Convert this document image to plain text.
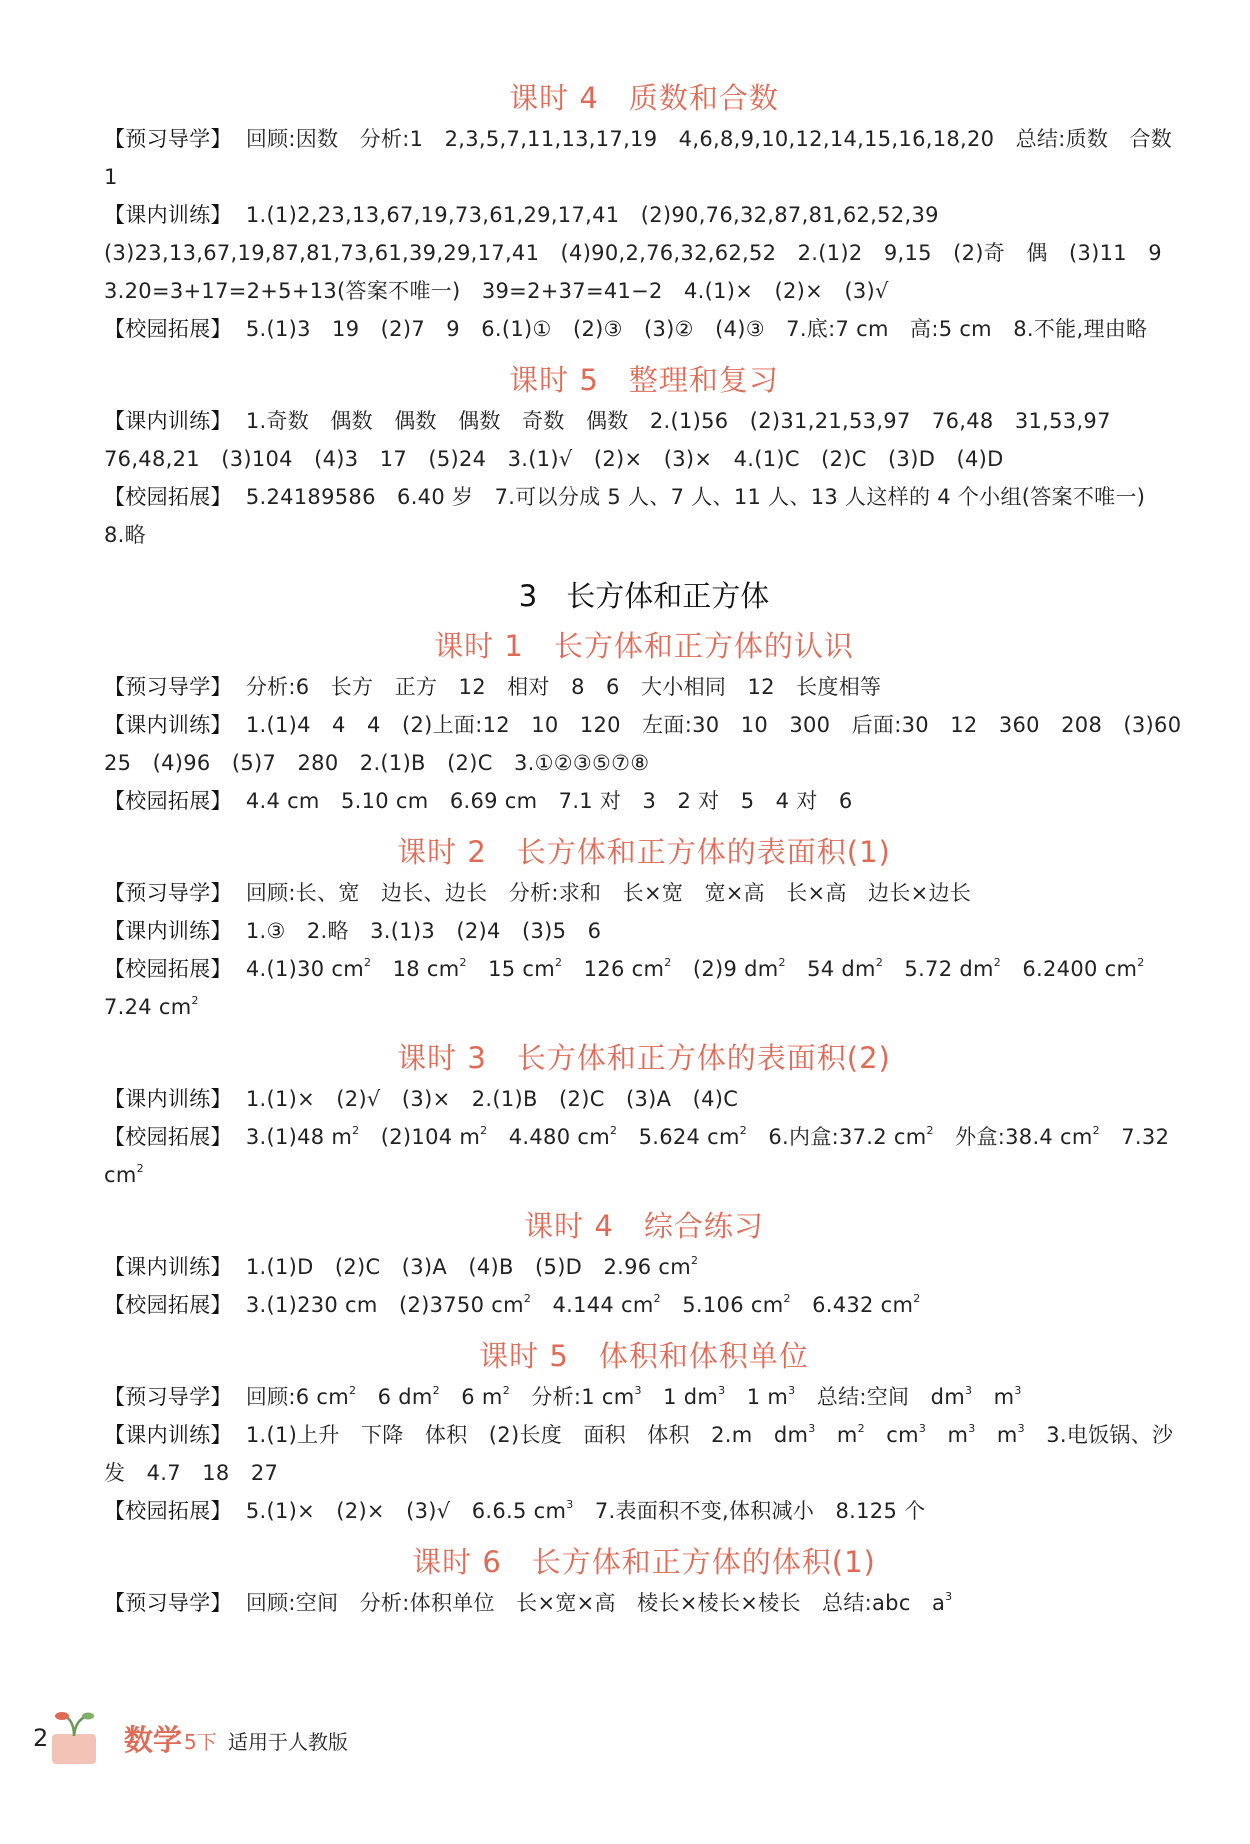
课时 4　质数和合数
【预习导学】 回顾:因数　分析:1　2,3,5,7,11,13,17,19　4,6,8,9,10,12,14,15,16,18,20　总结:质数　合数　1
【课内训练】 1.(1)2,23,13,67,19,73,61,29,17,41　(2)90,76,32,87,81,62,52,39　(3)23,13,67,19,87,81,73,61,39,29,17,41　(4)90,2,76,32,62,52　2.(1)2　9,15　(2)奇　偶　(3)11　9　3.20=3+17=2+5+13(答案不唯一)　39=2+37=41−2　4.(1)×　(2)×　(3)√
【校园拓展】 5.(1)3　19　(2)7　9　6.(1)①　(2)③　(3)②　(4)③　7.底:7 cm　高:5 cm　8.不能,理由略
课时 5　整理和复习
【课内训练】 1.奇数　偶数　偶数　偶数　奇数　偶数　2.(1)56　(2)31,21,53,97　76,48　31,53,97　76,48,21　(3)104　(4)3　17　(5)24　3.(1)√　(2)×　(3)×　4.(1)C　(2)C　(3)D　(4)D
【校园拓展】 5.24189586　6.40 岁　7.可以分成 5 人、7 人、11 人、13 人这样的 4 个小组(答案不唯一)　8.略
3　长方体和正方体
课时 1　长方体和正方体的认识
【预习导学】 分析:6　长方　正方　12　相对　8　6　大小相同　12　长度相等
【课内训练】 1.(1)4　4　4　(2)上面:12　10　120　左面:30　10　300　后面:30　12　360　208　(3)60　25　(4)96　(5)7　280　2.(1)B　(2)C　3.①②③⑤⑦⑧
【校园拓展】 4.4 cm　5.10 cm　6.69 cm　7.1 对　3　2 对　5　4 对　6
课时 2　长方体和正方体的表面积(1)
【预习导学】 回顾:长、宽　边长、边长　分析:求和　长×宽　宽×高　长×高　边长×边长
【课内训练】 1.③　2.略　3.(1)3　(2)4　(3)5　6
【校园拓展】 4.(1)30 $cm^2$　18 $cm^2$　15 $cm^2$　126 $cm^2$　(2)9 $dm^2$　54 $dm^2$　5.72 $dm^2$　6.2400 $cm^2$　7.24 $cm^2$
课时 3　长方体和正方体的表面积(2)
【课内训练】 1.(1)×　(2)√　(3)×　2.(1)B　(2)C　(3)A　(4)C
【校园拓展】 3.(1)48 $m^2$　(2)104 $m^2$　4.480 $cm^2$　5.624 $cm^2$　6.内盒:37.2 $cm^2$　外盒:38.4 $cm^2$　7.32 $cm^2$
课时 4　综合练习
【课内训练】 1.(1)D　(2)C　(3)A　(4)B　(5)D　2.96 $cm^2$
【校园拓展】 3.(1)230 cm　(2)3750 $cm^2$　4.144 $cm^2$　5.106 $cm^2$　6.432 $cm^2$
课时 5　体积和体积单位
【预习导学】 回顾:6 $cm^2$　6 $dm^2$　6 $m^2$　分析:1 $cm^3$　1 $dm^3$　1 $m^3$　总结:空间　$dm^3$　$m^3$
【课内训练】 1.(1)上升　下降　体积　(2)长度　面积　体积　2.m　$dm^3$　$m^2$　$cm^3$　$m^3$　$m^3$　3.电饭锅、沙发　4.7　18　27
【校园拓展】 5.(1)×　(2)×　(3)√　6.6.5 $cm^3$　7.表面积不变,体积减小　8.125 个
课时 6　长方体和正方体的体积(1)
【预习导学】 回顾:空间　分析:体积单位　长×宽×高　棱长×棱长×棱长　总结:abc　$a^3$
2	数学 5下 适用于人教版
